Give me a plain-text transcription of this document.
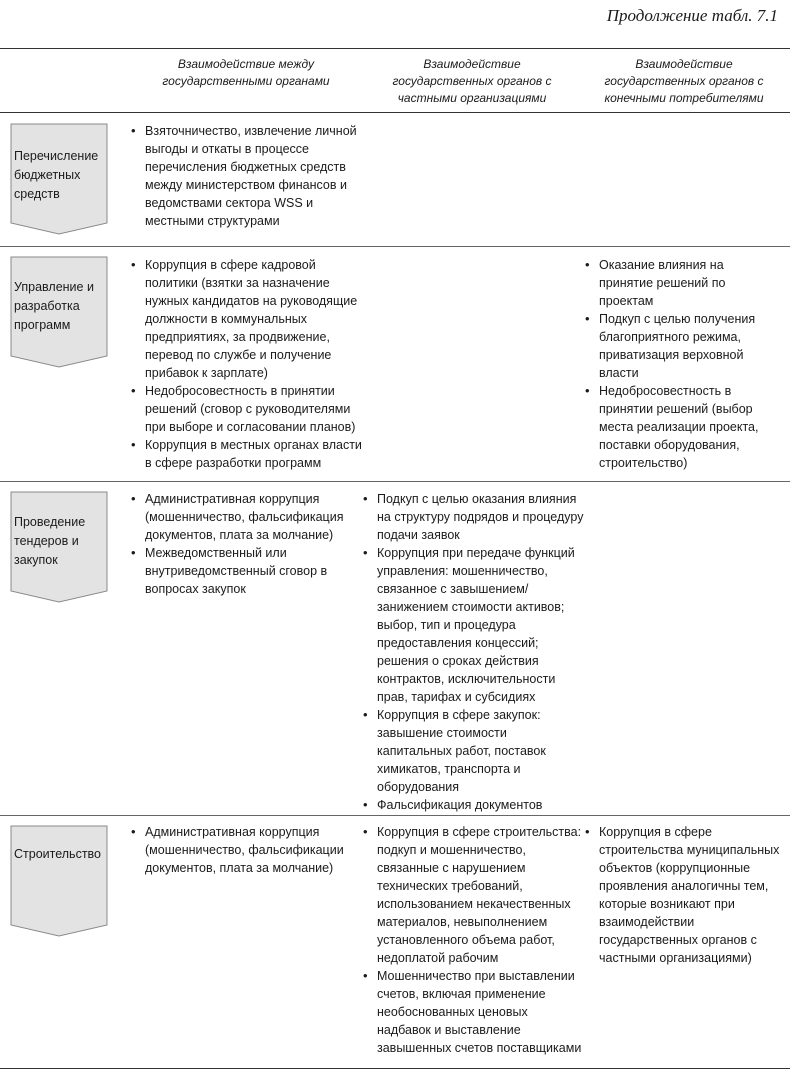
Продолжение табл. 7.1
Взаимодействие между государственными органами
Взаимодействие государственных органов с частными организациями
Взаимодействие государственных органов с конечными потребителями
Перечисление бюджетных средств
• Взяточничество, извлечение личной выгоды и откаты в процессе перечисления бюджетных средств между министерством финансов и ведомствами сектора WSS и местными структурами
Управление и разработка программ
• Коррупция в сфере кадровой политики (взятки за назначение нужных кандидатов на руководящие должности в коммунальных предприятиях, за продвижение, перевод по службе и получение прибавок к зарплате)
• Недобросовестность в принятии решений (сговор с руководителями при выборе и согласовании планов)
• Коррупция в местных органах власти в сфере разработки программ
• Оказание влияния на принятие решений по проектам
• Подкуп с целью получения благоприятного режима, приватизация верховной власти
• Недобросовестность в принятии решений (выбор места реализации проекта, поставки оборудования, строительство)
Проведение тендеров и закупок
• Административная коррупция (мошенничество, фальсификация документов, плата за молчание)
• Межведомственный или внутриведомственный сговор в вопросах закупок
• Подкуп с целью оказания влияния на структуру подрядов и процедуру подачи заявок
• Коррупция при передаче функций управления: мошенничество, связанное с завышением/занижением стоимости активов; выбор, тип и процедура предоставления концессий; решения о сроках действия контрактов, исключительности прав, тарифах и субсидиях
• Коррупция в сфере закупок: завышение стоимости капитальных работ, поставок химикатов, транспорта и оборудования
• Фальсификация документов
Строительство
• Административная коррупция (мошенничество, фальсификации документов, плата за молчание)
• Коррупция в сфере строительства: подкуп и мошенничество, связанные с нарушением технических требований, использованием некачественных материалов, невыполнением установленного объема работ, недоплатой рабочим
• Мошенничество при выставлении счетов, включая применение необоснованных ценовых надбавок и выставление завышенных счетов поставщиками
• Коррупция в сфере строительства муниципальных объектов (коррупционные проявления аналогичны тем, которые возникают при взаимодействии государственных органов с частными организациями)
